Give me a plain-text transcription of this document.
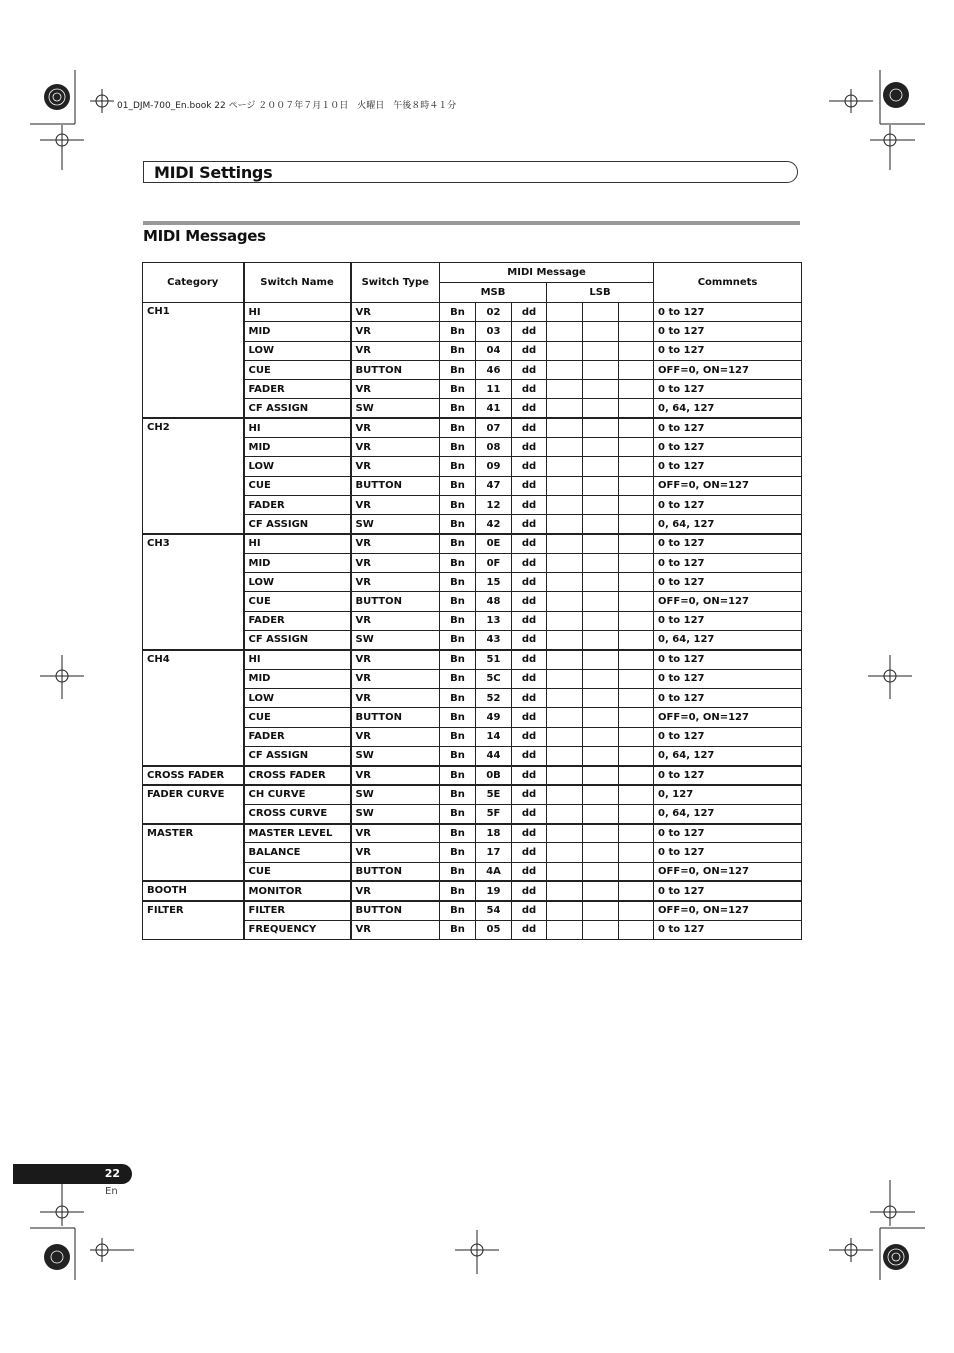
01_DJM-700_En.book 22 ページ ２００７年７月１０日　火曜日　午後８時４１分
MIDI Settings
MIDI Messages
Category	Switch Name	Switch Type	MIDI Message						Commnets
			MSB			LSB			
CH1	HI	VR	Bn	02	dd				0 to 127
	MID	VR	Bn	03	dd				0 to 127
	LOW	VR	Bn	04	dd				0 to 127
	CUE	BUTTON	Bn	46	dd				OFF=0, ON=127
	FADER	VR	Bn	11	dd				0 to 127
	CF ASSIGN	SW	Bn	41	dd				0, 64, 127
CH2	HI	VR	Bn	07	dd				0 to 127
	MID	VR	Bn	08	dd				0 to 127
	LOW	VR	Bn	09	dd				0 to 127
	CUE	BUTTON	Bn	47	dd				OFF=0, ON=127
	FADER	VR	Bn	12	dd				0 to 127
	CF ASSIGN	SW	Bn	42	dd				0, 64, 127
CH3	HI	VR	Bn	0E	dd				0 to 127
	MID	VR	Bn	0F	dd				0 to 127
	LOW	VR	Bn	15	dd				0 to 127
	CUE	BUTTON	Bn	48	dd				OFF=0, ON=127
	FADER	VR	Bn	13	dd				0 to 127
	CF ASSIGN	SW	Bn	43	dd				0, 64, 127
CH4	HI	VR	Bn	51	dd				0 to 127
	MID	VR	Bn	5C	dd				0 to 127
	LOW	VR	Bn	52	dd				0 to 127
	CUE	BUTTON	Bn	49	dd				OFF=0, ON=127
	FADER	VR	Bn	14	dd				0 to 127
	CF ASSIGN	SW	Bn	44	dd				0, 64, 127
CROSS FADER	CROSS FADER	VR	Bn	0B	dd				0 to 127
FADER CURVE	CH CURVE	SW	Bn	5E	dd				0, 127
	CROSS CURVE	SW	Bn	5F	dd				0, 64, 127
MASTER	MASTER LEVEL	VR	Bn	18	dd				0 to 127
	BALANCE	VR	Bn	17	dd				0 to 127
	CUE	BUTTON	Bn	4A	dd				OFF=0, ON=127
BOOTH	MONITOR	VR	Bn	19	dd				0 to 127
FILTER	FILTER	BUTTON	Bn	54	dd				OFF=0, ON=127
	FREQUENCY	VR	Bn	05	dd				0 to 127
22
En
